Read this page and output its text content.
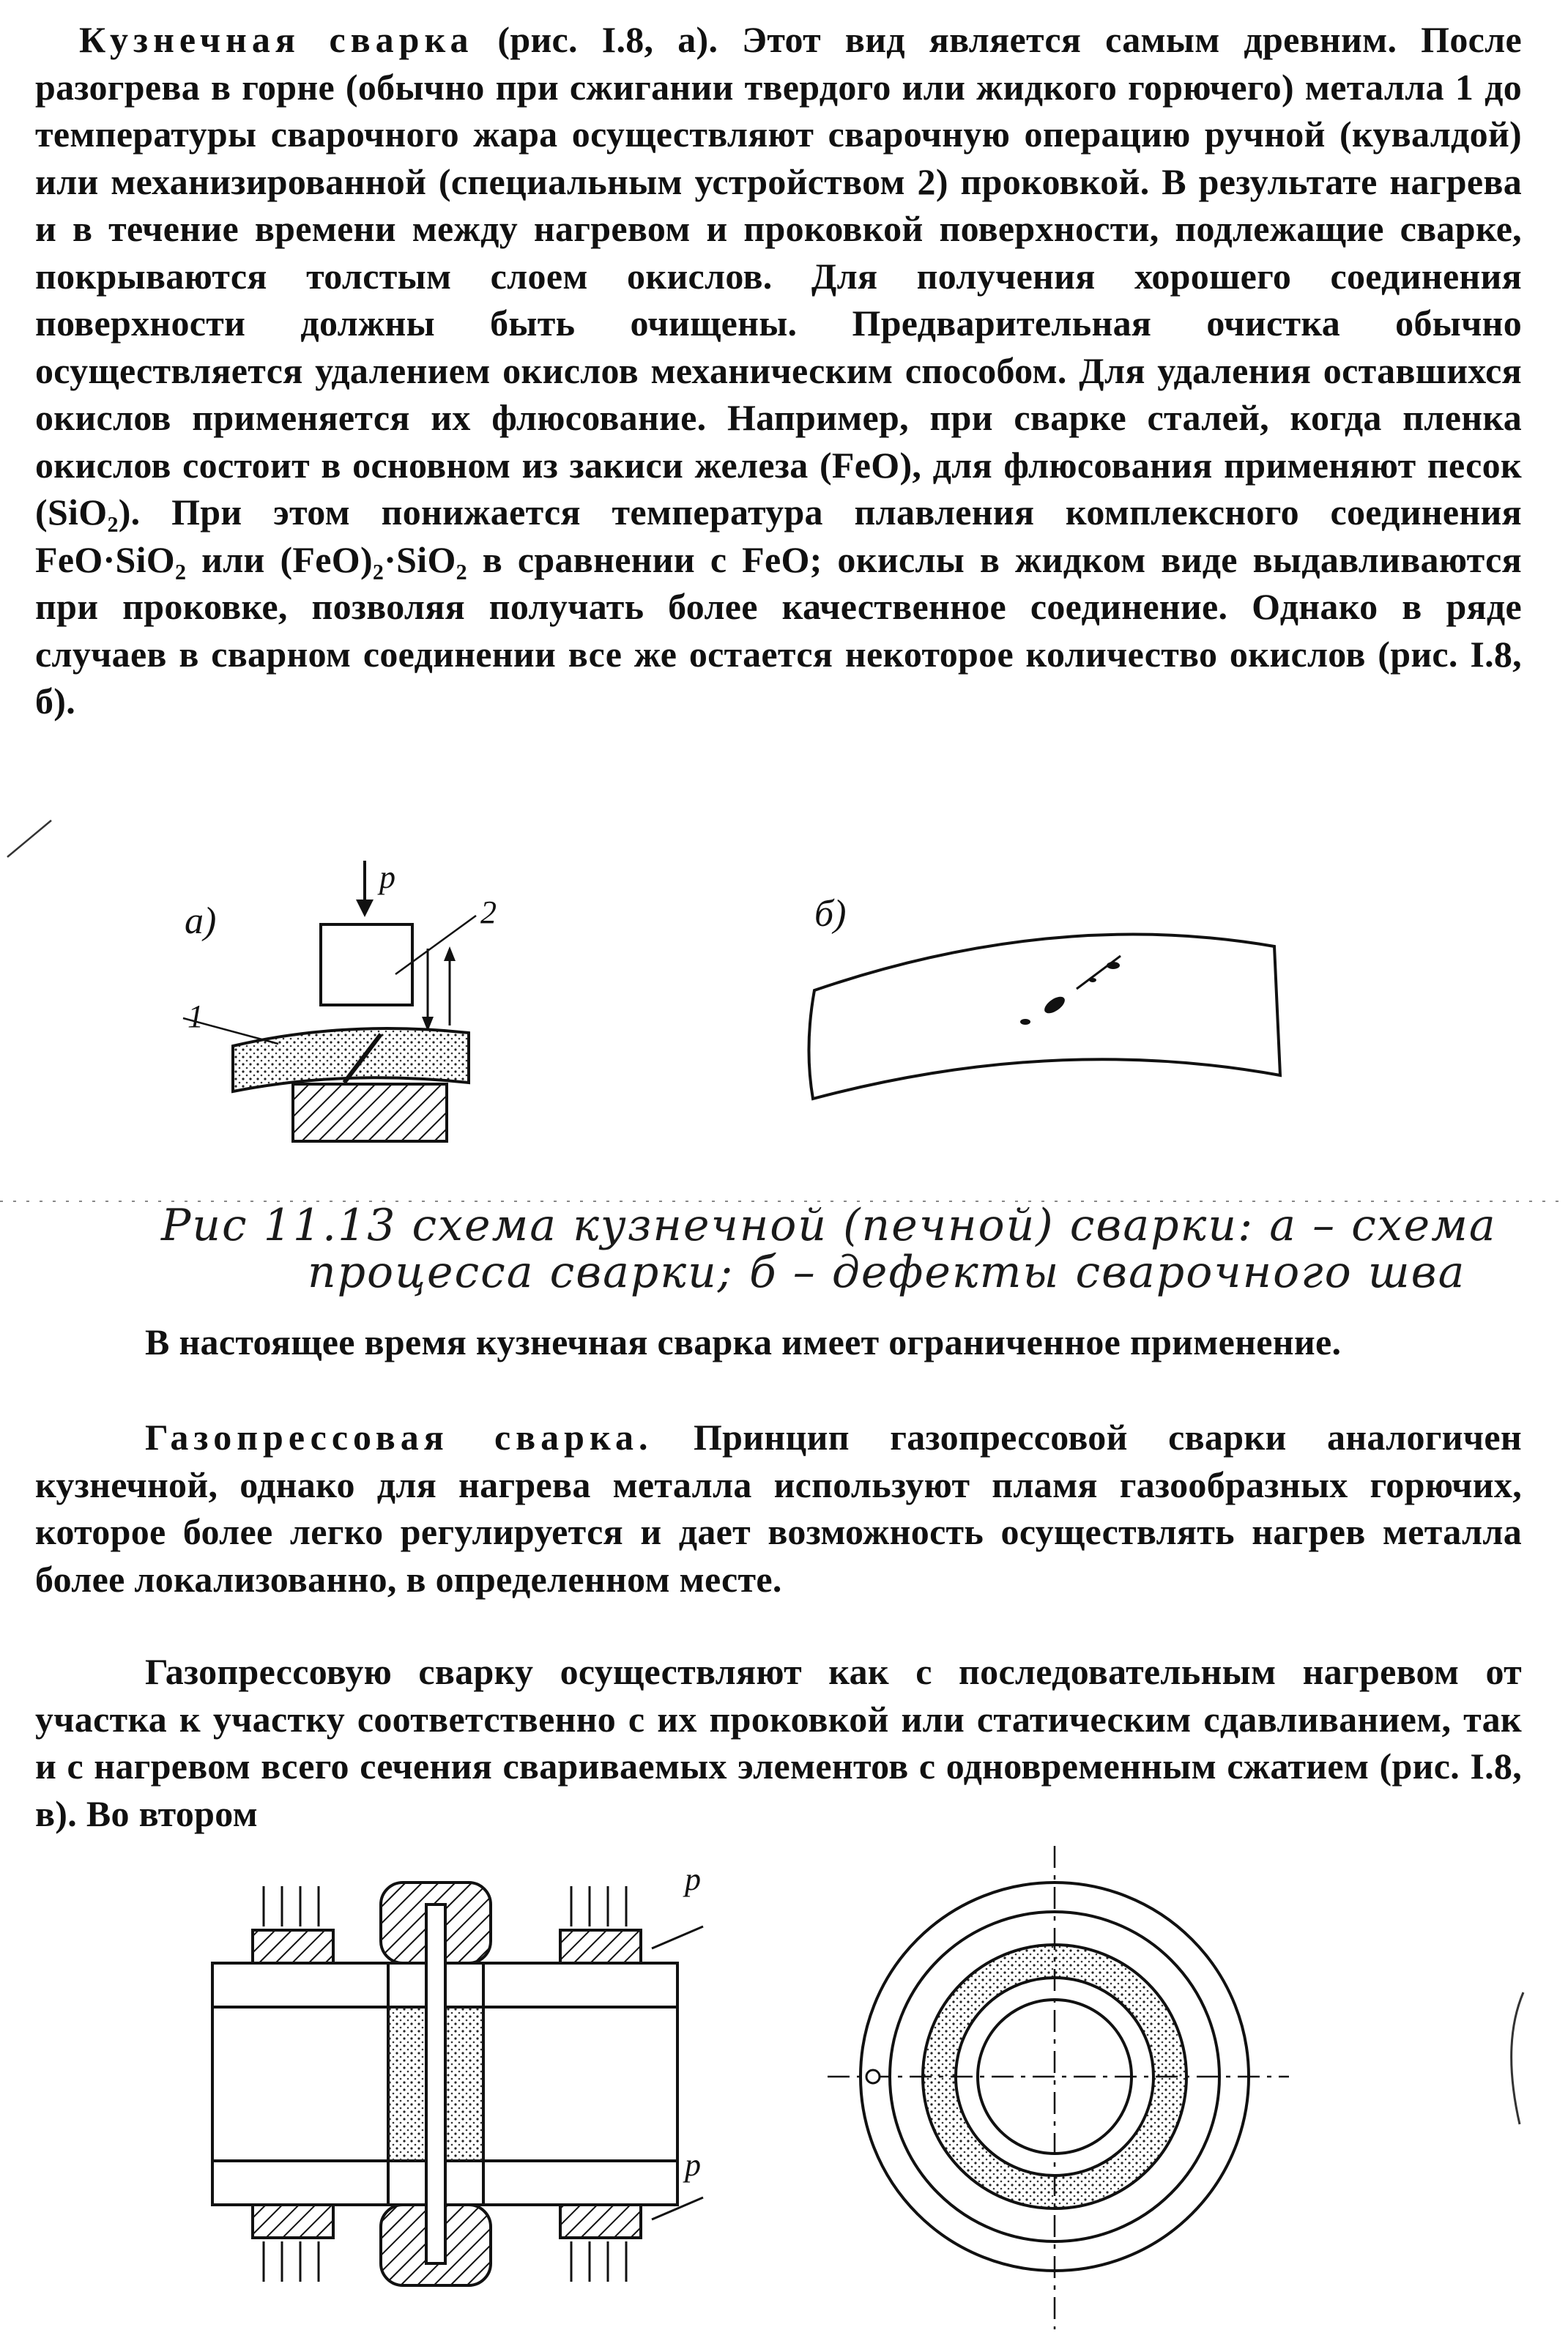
Кузнечная сварка (рис. I.8, а). Этот вид является самым древним. После разогрева в горне (обычно при сжигании твердого или жидкого горючего) металла 1 до температуры сварочного жара осуществляют сварочную операцию ручной (кувалдой) или механизированной (специальным устройством 2) проковкой. В результате нагрева и в течение времени между нагревом и проковкой поверхности, подлежащие сварке, покрываются толстым слоем окислов. Для получения хорошего соединения поверхности должны быть очищены. Предварительная очистка обычно осуществляется удалением окислов механическим способом. Для удаления оставшихся окислов применяется их флюсование. Например, при сварке сталей, когда пленка окислов состоит в основном из закиси железа (FeO), для флюсования применяют песок (SiO₂). При этом понижается температура плавления комплексного соединения FeO·SiO₂ или (FeO)₂·SiO₂ в сравнении с FeO; окислы в жидком виде выдавливаются при проковке, позволяя получать более качественное соединение. Однако в ряде случаев в сварном соединении все же остается некоторое количество окислов (рис. I.8, б).
а)	б)
p
2
1
p
p
Рис 11.13 схема кузнечной (печной) сварки: а – схема
процесса сварки; б – дефекты сварочного шва
В настоящее время кузнечная сварка имеет ограниченное применение.
Газопрессовая сварка. Принцип газопрессовой сварки аналогичен кузнечной, однако для нагрева металла используют пламя газообразных горючих, которое более легко регулируется и дает возможность осуществлять нагрев металла более локализованно, в определенном месте.
Газопрессовую сварку осуществляют как с последовательным нагревом от участка к участку соответственно с их проковкой или статическим сдавливанием, так и с нагревом всего сечения свариваемых элементов с одновременным сжатием (рис. I.8, в). Во втором
